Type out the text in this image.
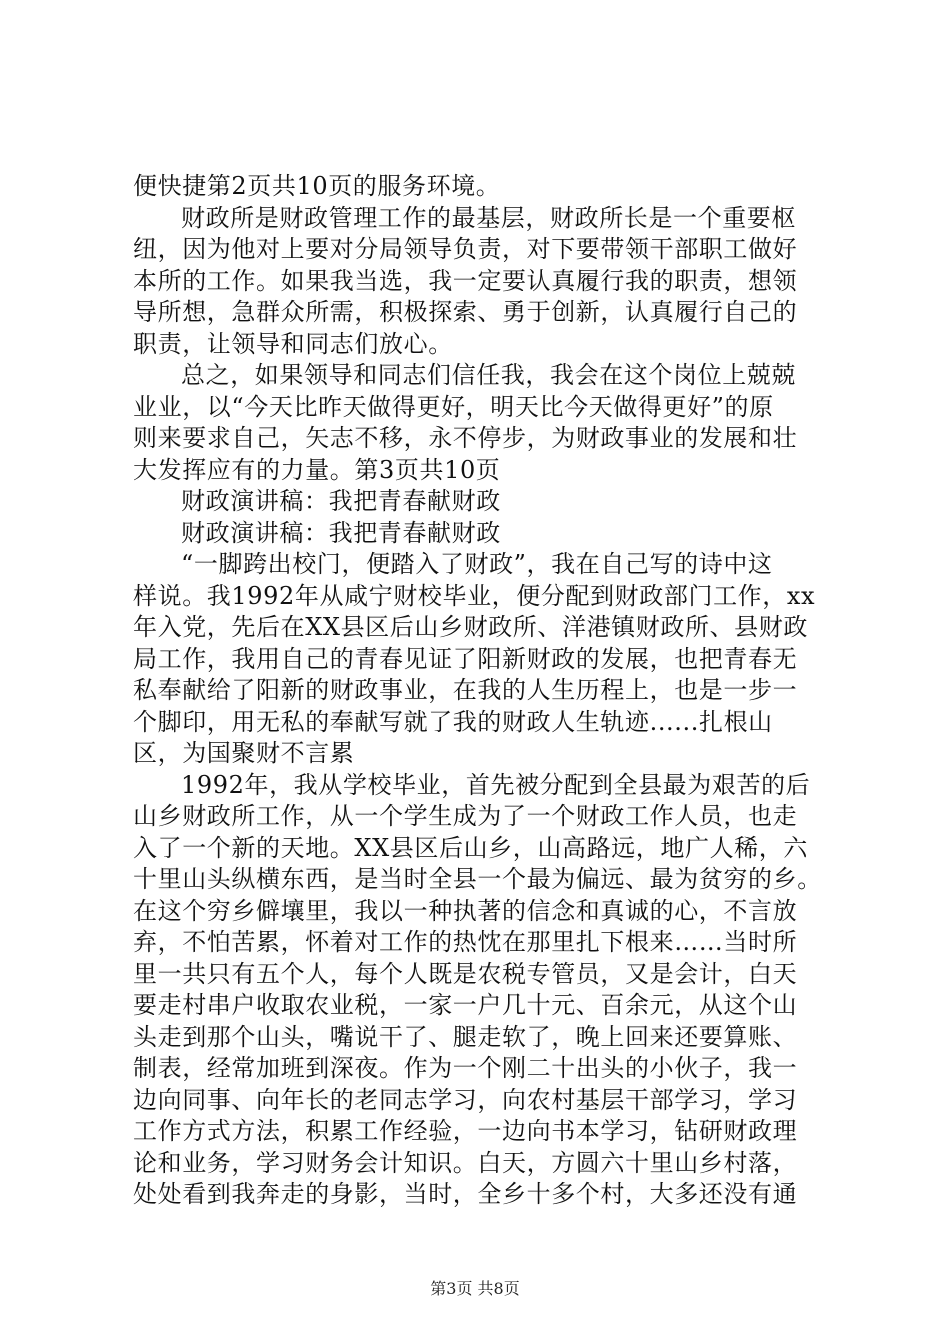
便快捷第2页共10页的服务环境。
财政所是财政管理工作的最基层，财政所长是一个重要枢
纽，因为他对上要对分局领导负责，对下要带领干部职工做好
本所的工作。如果我当选，我一定要认真履行我的职责，想领
导所想，急群众所需，积极探索、勇于创新，认真履行自己的
职责，让领导和同志们放心。
总之，如果领导和同志们信任我，我会在这个岗位上兢兢
业业，以“今天比昨天做得更好，明天比今天做得更好”的原
则来要求自己，矢志不移，永不停步，为财政事业的发展和壮
大发挥应有的力量。第3页共10页
财政演讲稿：我把青春献财政
财政演讲稿：我把青春献财政
“一脚跨出校门，便踏入了财政”，我在自己写的诗中这
样说。我1992年从咸宁财校毕业，便分配到财政部门工作，xx
年入党，先后在XX县区后山乡财政所、洋港镇财政所、县财政
局工作，我用自己的青春见证了阳新财政的发展，也把青春无
私奉献给了阳新的财政事业，在我的人生历程上，也是一步一
个脚印，用无私的奉献写就了我的财政人生轨迹......扎根山
区，为国聚财不言累
1992年，我从学校毕业，首先被分配到全县最为艰苦的后
山乡财政所工作，从一个学生成为了一个财政工作人员，也走
入了一个新的天地。XX县区后山乡，山高路远，地广人稀，六
十里山头纵横东西，是当时全县一个最为偏远、最为贫穷的乡。
在这个穷乡僻壤里，我以一种执著的信念和真诚的心，不言放
弃，不怕苦累，怀着对工作的热忱在那里扎下根来……当时所
里一共只有五个人，每个人既是农税专管员，又是会计，白天
要走村串户收取农业税，一家一户几十元、百余元，从这个山
头走到那个山头，嘴说干了、腿走软了，晚上回来还要算账、
制表，经常加班到深夜。作为一个刚二十出头的小伙子，我一
边向同事、向年长的老同志学习，向农村基层干部学习，学习
工作方式方法，积累工作经验，一边向书本学习，钻研财政理
论和业务，学习财务会计知识。白天，方圆六十里山乡村落，
处处看到我奔走的身影，当时，全乡十多个村，大多还没有通
第3页 共8页
